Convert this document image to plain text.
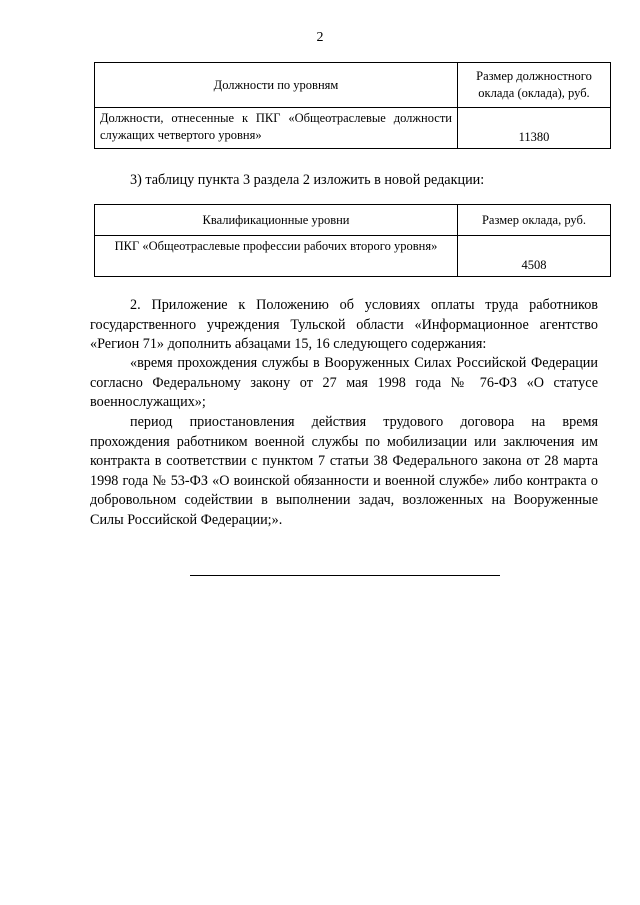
2
Должности по уровням	Размер должностного оклада (оклада), руб.
Должности, отнесенные к ПКГ «Общеотраслевые должности служащих четвертого уровня»	11380

3) таблицу пункта 3 раздела 2 изложить в новой редакции:

Квалификационные уровни	Размер оклада, руб.
ПКГ «Общеотраслевые профессии рабочих второго уровня»	4508

2. Приложение к Положению об условиях оплаты труда работников государственного учреждения Тульской области «Информационное агентство «Регион 71» дополнить абзацами 15, 16 следующего содержания:

«время прохождения службы в Вооруженных Силах Российской Федерации согласно Федеральному закону от 27 мая 1998 года № 76-ФЗ «О статусе военнослужащих»;

период приостановления действия трудового договора на время прохождения работником военной службы по мобилизации или заключения им контракта в соответствии с пунктом 7 статьи 38 Федерального закона от 28 марта 1998 года № 53-ФЗ «О воинской обязанности и военной службе» либо контракта о добровольном содействии в выполнении задач, возложенных на Вооруженные Силы Российской Федерации;».
